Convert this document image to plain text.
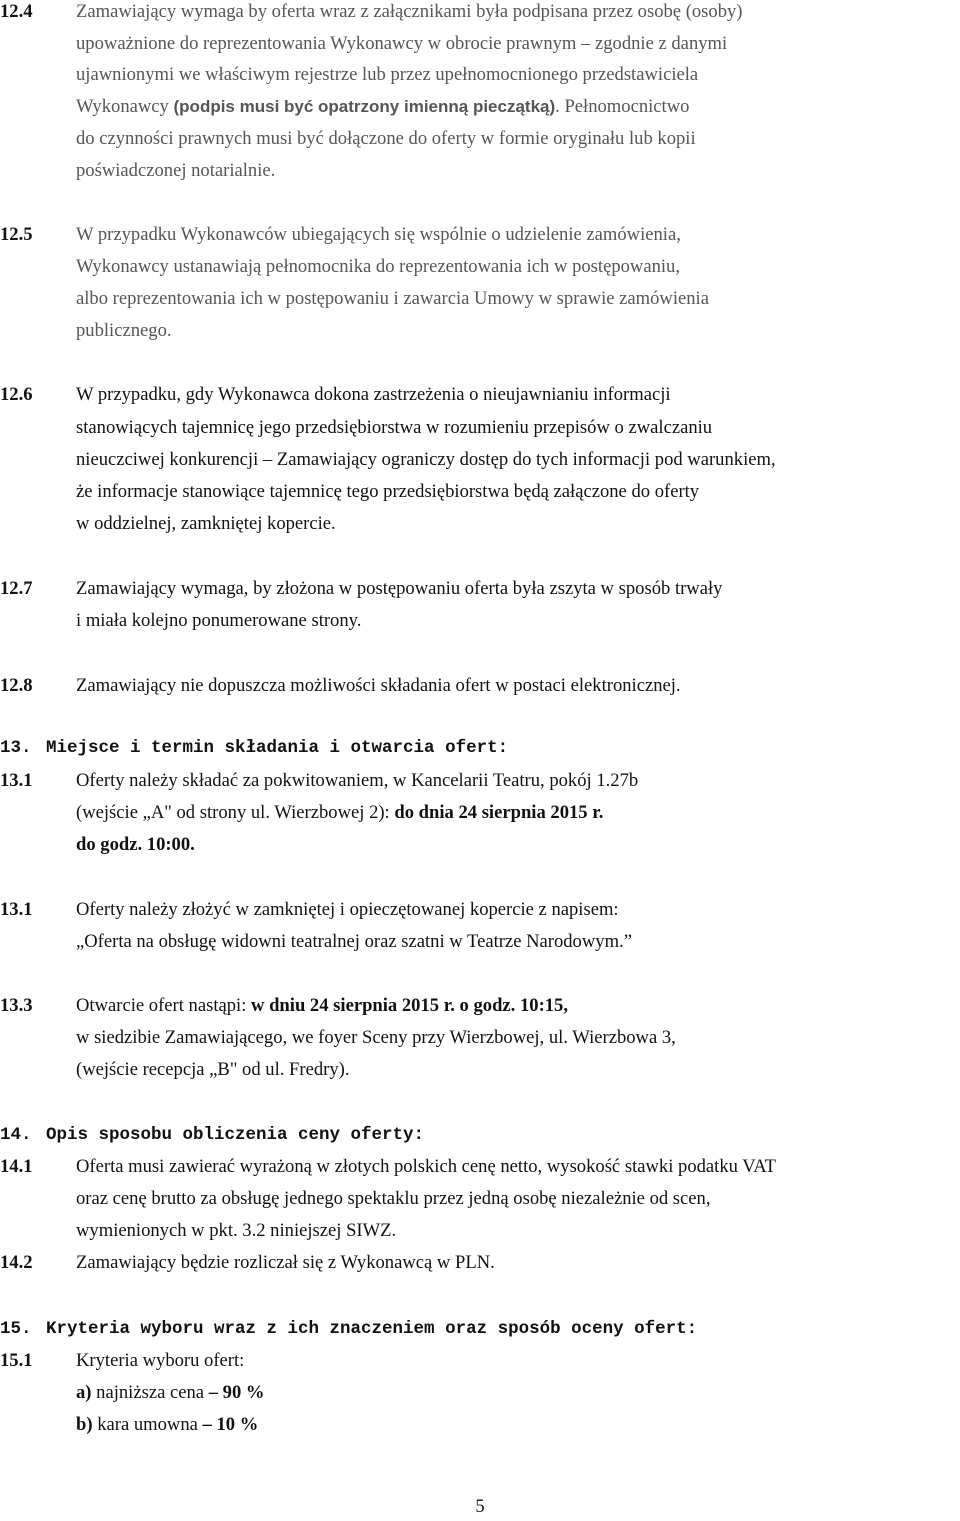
12.4 Zamawiający wymaga by oferta wraz z załącznikami była podpisana przez osobę (osoby)
upoważnione do reprezentowania Wykonawcy w obrocie prawnym – zgodnie z danymi
ujawnionymi we właściwym rejestrze lub przez upełnomocnionego przedstawiciela
Wykonawcy (podpis musi być opatrzony imienną pieczątką). Pełnomocnictwo
do czynności prawnych musi być dołączone do oferty w formie oryginału lub kopii
poświadczonej notarialnie.
12.5 W przypadku Wykonawców ubiegających się wspólnie o udzielenie zamówienia,
Wykonawcy ustanawiają pełnomocnika do reprezentowania ich w postępowaniu,
albo reprezentowania ich w postępowaniu i zawarcia Umowy w sprawie zamówienia
publicznego.
12.6 W przypadku, gdy Wykonawca dokona zastrzeżenia o nieujawnianiu informacji
stanowiących tajemnicę jego przedsiębiorstwa w rozumieniu przepisów o zwalczaniu
nieuczciwej konkurencji – Zamawiający ograniczy dostęp do tych informacji pod warunkiem,
że informacje stanowiące tajemnicę tego przedsiębiorstwa będą załączone do oferty
w oddzielnej, zamkniętej kopercie.
12.7 Zamawiający wymaga, by złożona w postępowaniu oferta była zszyta w sposób trwały
i miała kolejno ponumerowane strony.
12.8 Zamawiający nie dopuszcza możliwości składania ofert w postaci elektronicznej.
13. Miejsce i termin składania i otwarcia ofert:
13.1 Oferty należy składać za pokwitowaniem, w Kancelarii Teatru, pokój 1.27b
(wejście „A" od strony ul. Wierzbowej 2): do dnia 24 sierpnia 2015 r.
do godz. 10:00.
13.1 Oferty należy złożyć w zamkniętej i opieczętowanej kopercie z napisem:
„Oferta na obsługę widowni teatralnej oraz szatni w Teatrze Narodowym.”
13.3 Otwarcie ofert nastąpi: w dniu 24 sierpnia 2015 r. o godz. 10:15,
w siedzibie Zamawiającego, we foyer Sceny przy Wierzbowej, ul. Wierzbowa 3,
(wejście recepcja „B" od ul. Fredry).
14. Opis sposobu obliczenia ceny oferty:
14.1 Oferta musi zawierać wyrażoną w złotych polskich cenę netto, wysokość stawki podatku VAT
oraz cenę brutto za obsługę jednego spektaklu przez jedną osobę niezależnie od scen,
wymienionych w pkt. 3.2 niniejszej SIWZ.
14.2 Zamawiający będzie rozliczał się z Wykonawcą w PLN.
15. Kryteria wyboru wraz z ich znaczeniem oraz sposób oceny ofert:
15.1 Kryteria wyboru ofert:
a) najniższa cena – 90 %
b) kara umowna – 10 %
5
